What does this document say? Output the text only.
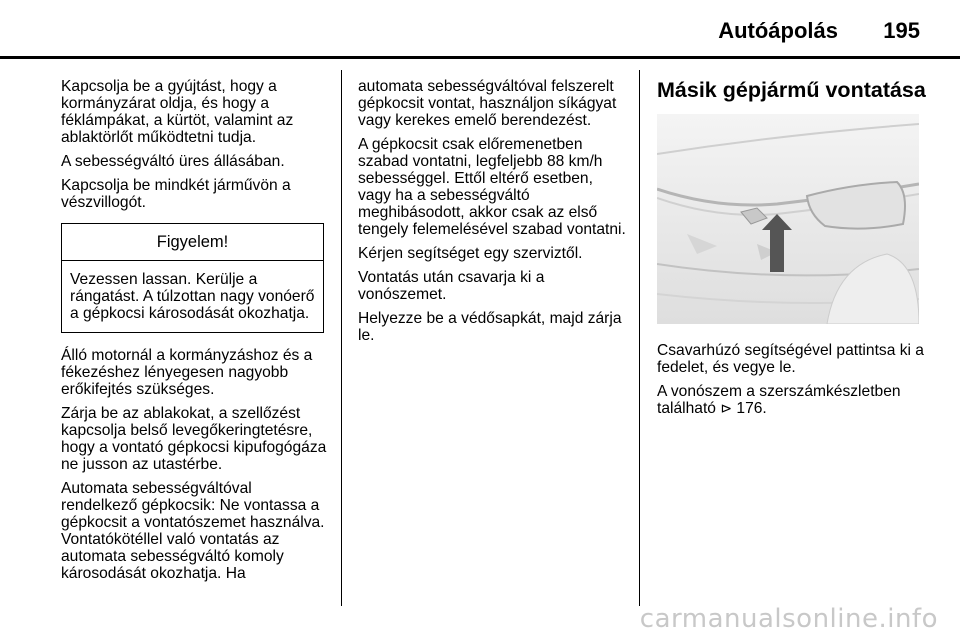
Autóápolás 195

Kapcsolja be a gyújtást, hogy a kormányzárat oldja, és hogy a féklámpákat, a kürtöt, valamint az ablaktörlőt működtetni tudja.

A sebességváltó üres állásában.

Kapcsolja be mindkét járművön a vészvillogót.

Figyelem!
Vezessen lassan. Kerülje a rángatást. A túlzottan nagy vonóerő a gépkocsi károsodását okozhatja.

Álló motornál a kormányzáshoz és a fékezéshez lényegesen nagyobb erőkifejtés szükséges.

Zárja be az ablakokat, a szellőzést kapcsolja belső levegőkeringtetésre, hogy a vontató gépkocsi kipufogógáza ne jusson az utastérbe.

Automata sebességváltóval rendelkező gépkocsik: Ne vontassa a gépkocsit a vontatószemet használva. Vontatókötéllel való vontatás az automata sebességváltó komoly károsodását okozhatja. Ha

automata sebességváltóval felszerelt gépkocsit vontat, használjon síkágyat vagy kerekes emelő berendezést.

A gépkocsit csak előremenetben szabad vontatni, legfeljebb 88 km/h sebességgel. Ettől eltérő esetben, vagy ha a sebességváltó meghibásodott, akkor csak az első tengely felemelésével szabad vontatni.

Kérjen segítséget egy szerviztől.

Vontatás után csavarja ki a vonószemet.

Helyezze be a védősapkát, majd zárja le.

Másik gépjármű vontatása

Csavarhúzó segítségével pattintsa ki a fedelet, és vegye le.

A vonószem a szerszámkészletben található ⊳ 176.

carmanualsonline.info
